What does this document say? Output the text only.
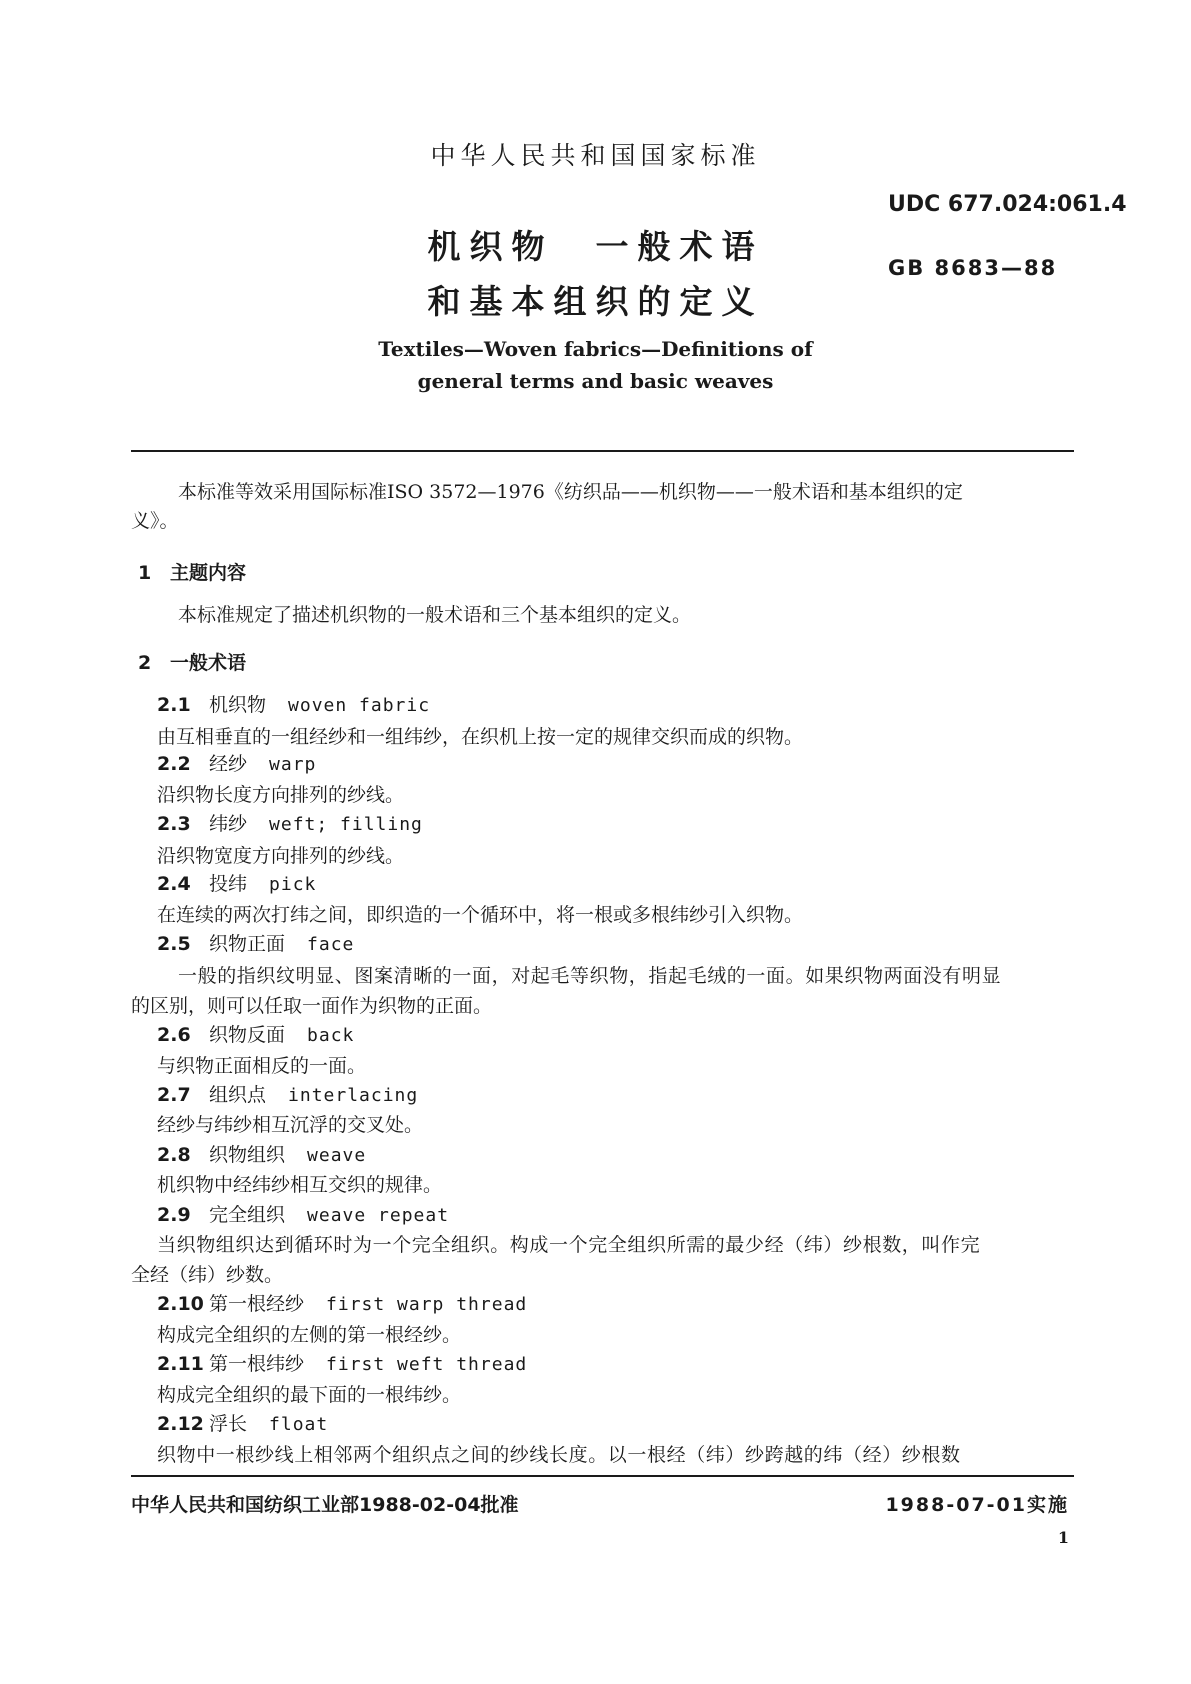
中华人民共和国国家标准
UDC 677.024:061.4
GB 8683—88
机织物　一般术语
和基本组织的定义
Textiles—Woven fabrics—Definitions of
general terms and basic weaves
本标准等效采用国际标准ISO 3572—1976《纺织品——机织物——一般术语和基本组织的定
义》。
1 主题内容
本标准规定了描述机织物的一般术语和三个基本组织的定义。
2 一般术语
2.1 机织物 woven fabric
由互相垂直的一组经纱和一组纬纱，在织机上按一定的规律交织而成的织物。
2.2 经纱 warp
沿织物长度方向排列的纱线。
2.3 纬纱 weft; filling
沿织物宽度方向排列的纱线。
2.4 投纬 pick
在连续的两次打纬之间，即织造的一个循环中，将一根或多根纬纱引入织物。
2.5 织物正面 face
一般的指织纹明显、图案清晰的一面，对起毛等织物，指起毛绒的一面。如果织物两面没有明显
的区别，则可以任取一面作为织物的正面。
2.6 织物反面 back
与织物正面相反的一面。
2.7 组织点 interlacing
经纱与纬纱相互沉浮的交叉处。
2.8 织物组织 weave
机织物中经纬纱相互交织的规律。
2.9 完全组织 weave repeat
当织物组织达到循环时为一个完全组织。构成一个完全组织所需的最少经（纬）纱根数，叫作完
全经（纬）纱数。
2.10 第一根经纱 first warp thread
构成完全组织的左侧的第一根经纱。
2.11 第一根纬纱 first weft thread
构成完全组织的最下面的一根纬纱。
2.12 浮长 float
织物中一根纱线上相邻两个组织点之间的纱线长度。以一根经（纬）纱跨越的纬（经）纱根数
中华人民共和国纺织工业部1988-02-04批准	1988-07-01实施
1
